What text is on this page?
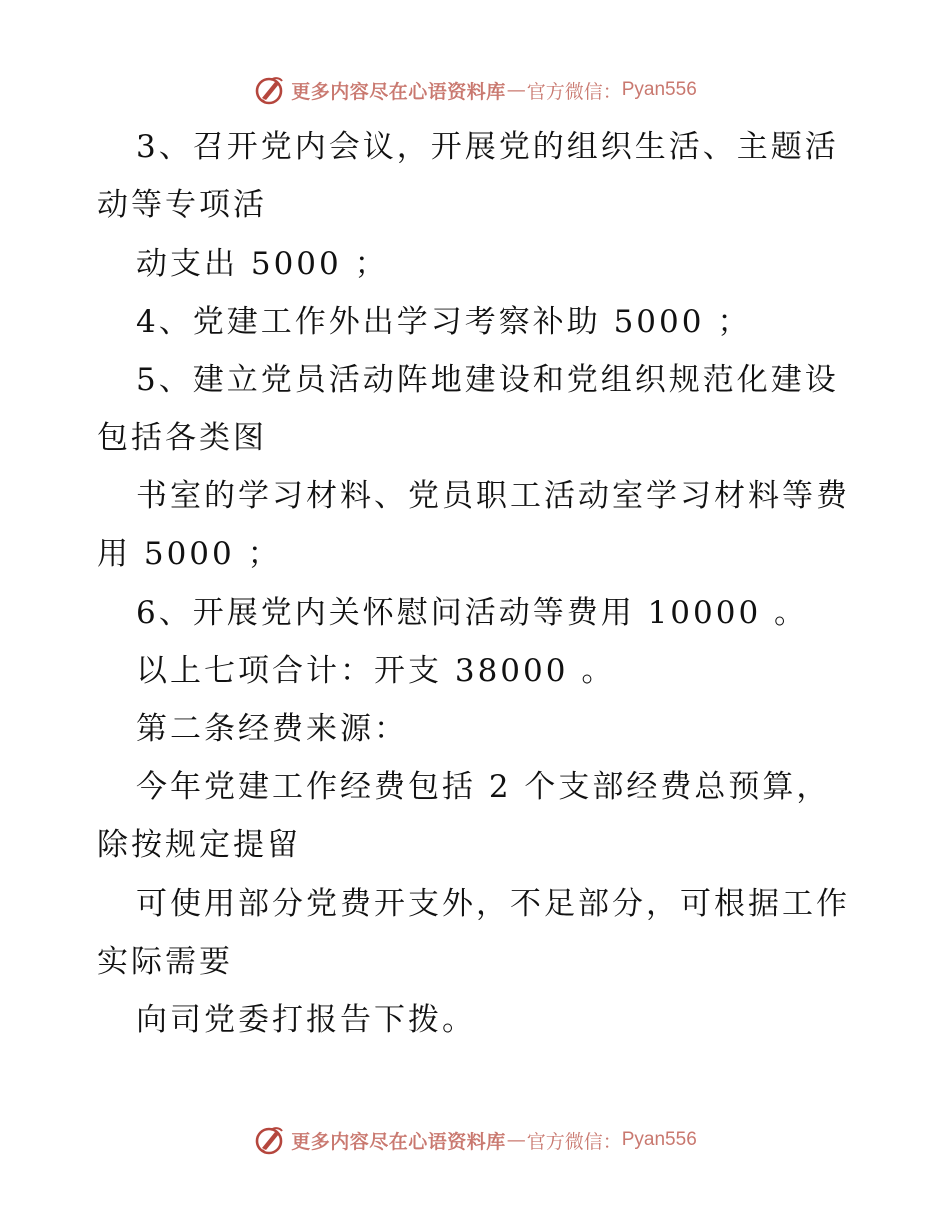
更多内容尽在心语资料库 — 官方微信： Pyan556
3、召开党内会议，开展党的组织生活、主题活
动等专项活
动支出 5000 ；
4、党建工作外出学习考察补助 5000 ；
5、建立党员活动阵地建设和党组织规范化建设
包括各类图
书室的学习材料、党员职工活动室学习材料等费
用 5000 ；
6、开展党内关怀慰问活动等费用 10000 。
以上七项合计：开支 38000 。
第二条经费来源：
今年党建工作经费包括 2 个支部经费总预算，
除按规定提留
可使用部分党费开支外，不足部分，可根据工作
实际需要
向司党委打报告下拨。
更多内容尽在心语资料库 — 官方微信： Pyan556
